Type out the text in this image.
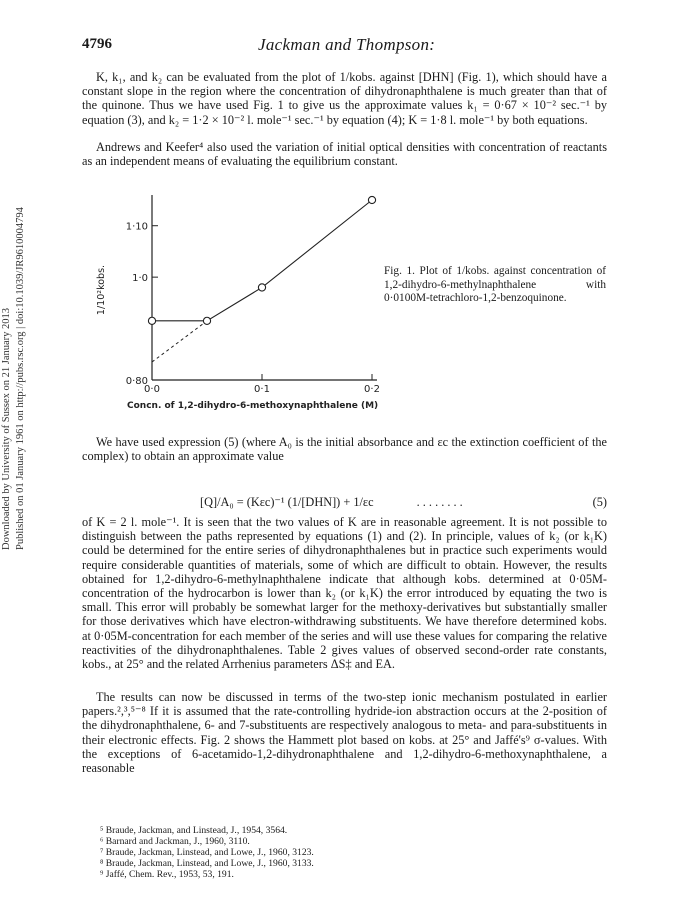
Downloaded by University of Sussex on 21 January 2013 Published on 01 January 1961 on http://pubs.rsc.org | doi:10.1039/JR9610004794
4796	Jackman and Thompson:

K, k₁, and k₂ can be evaluated from the plot of 1/kobs. against [DHN] (Fig. 1), which should have a constant slope in the region where the concentration of dihydronaphthalene is much greater than that of the quinone. Thus we have used Fig. 1 to give us the approximate values k₁ = 0·67 × 10⁻² sec.⁻¹ by equation (3), and k₂ = 1·2 × 10⁻² l. mole⁻¹ sec.⁻¹ by equation (4); K = 1·8 l. mole⁻¹ by both equations.

Andrews and Keefer⁴ also used the variation of initial optical densities with concentration of reactants as an independent means of evaluating the equilibrium constant.

0·80
1·0
1·10
0·0	0·1	0·2
Concn. of 1,2-dihydro-6-methoxynaphthalene (M)
1/10²kobs.	Fig. 1. Plot of 1/kobs. against concentration of 1,2-dihydro-6-methylnaphthalene with 0·0100M-tetrachloro-1,2-benzoquinone.

We have used expression (5) (where A₀ is the initial absorbance and εc the extinction coefficient of the complex) to obtain an approximate value

[Q]/A₀ = (Kεc)⁻¹ (1/[DHN]) + 1/εc	. . . . . . . .	(5)

of K = 2 l. mole⁻¹. It is seen that the two values of K are in reasonable agreement. It is not possible to distinguish between the paths represented by equations (1) and (2). In principle, values of k₂ (or k₁K) could be determined for the entire series of dihydronaphthalenes but in practice such experiments would require considerable quantities of materials, some of which are difficult to obtain. However, the results obtained for 1,2-dihydro-6-methylnaphthalene indicate that although kobs. determined at 0·05M-concentration of the hydrocarbon is lower than k₂ (or k₁K) the error introduced by equating the two is small. This error will probably be somewhat larger for the methoxy-derivatives but substantially smaller for those derivatives which have electron-withdrawing substituents. We have therefore determined kobs. at 0·05M-concentration for each member of the series and will use these values for comparing the relative reactivities of the dihydronaphthalenes. Table 2 gives values of observed second-order rate constants, kobs., at 25° and the related Arrhenius parameters ΔS‡ and EA.

The results can now be discussed in terms of the two-step ionic mechanism postulated in earlier papers.²,³,⁵⁻⁸ If it is assumed that the rate-controlling hydride-ion abstraction occurs at the 2-position of the dihydronaphthalene, 6- and 7-substituents are respectively analogous to meta- and para-substituents in their electronic effects. Fig. 2 shows the Hammett plot based on kobs. at 25° and Jaffé's⁹ σ-values. With the exceptions of 6-acetamido-1,2-dihydronaphthalene and 1,2-dihydro-6-methoxynaphthalene, a reasonable

⁵ Braude, Jackman, and Linstead, J., 1954, 3564.
⁶ Barnard and Jackman, J., 1960, 3110.
⁷ Braude, Jackman, Linstead, and Lowe, J., 1960, 3123.
⁸ Braude, Jackman, Linstead, and Lowe, J., 1960, 3133.
⁹ Jaffé, Chem. Rev., 1953, 53, 191.
